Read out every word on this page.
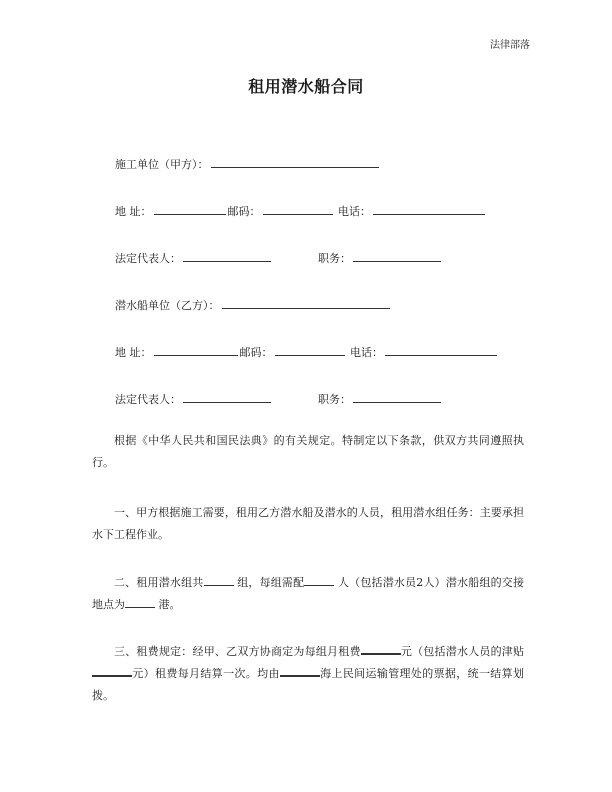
法律部落
租用潜水船合同
施工单位（甲方）：
地 址：	邮码：	电话：
法定代表人：	职务：
潜水船单位（乙方）：
地 址：	邮码：	电话：
法定代表人：	职务：
根据《中华人民共和国民法典》的有关规定。特制定以下条款，供双方共同遵照执行。
一、甲方根据施工需要，租用乙方潜水船及潜水的人员，租用潜水组任务：主要承担水下工程作业。
二、租用潜水组共	组，每组需配	人（包括潜水员2人）潜水船组的交接地点为	港。
三、租费规定：经甲、乙双方协商定为每组月租费	元（包括潜水人员的津贴元）租费每月结算一次。均由	海上民间运输管理处的票据，统一结算划拨。
